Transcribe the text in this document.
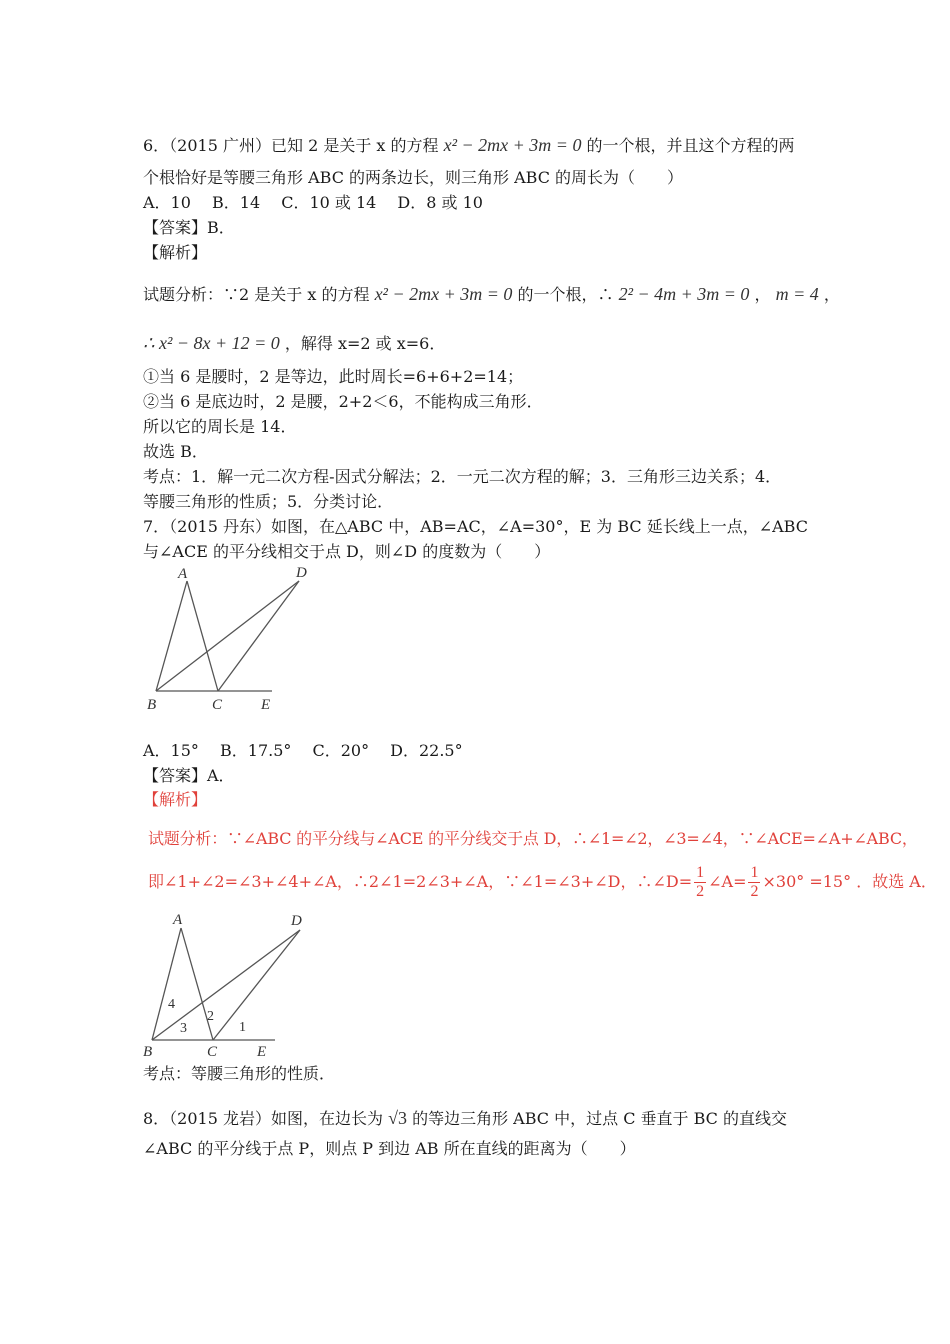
6．（2015 广州）已知 2 是关于 x 的方程 x² − 2mx + 3m = 0 的一个根，并且这个方程的两
个根恰好是等腰三角形 ABC 的两条边长，则三角形 ABC 的周长为（　　）
A．10　 B．14　 C．10 或 14　 D．8 或 10
【答案】B．
【解析】
试题分析：∵2 是关于 x 的方程 x² − 2mx + 3m = 0 的一个根，∴ 2² − 4m + 3m = 0 ， m = 4 ，
∴ x² − 8x + 12 = 0 ，解得 x=2 或 x=6．
①当 6 是腰时，2 是等边，此时周长=6+6+2=14；
②当 6 是底边时，2 是腰，2+2＜6，不能构成三角形．
所以它的周长是 14．
故选 B．
考点：1．解一元二次方程-因式分解法；2．一元二次方程的解；3．三角形三边关系；4．
等腰三角形的性质；5．分类讨论．
7．（2015 丹东）如图，在△ABC 中，AB=AC，∠A=30°，E 为 BC 延长线上一点，∠ABC
与∠ACE 的平分线相交于点 D，则∠D 的度数为（　　）
A	D
B	C	E
A．15°　 B．17.5°　 C．20°　 D．22.5°
【答案】A．
【解析】
试题分析：∵∠ABC 的平分线与∠ACE 的平分线交于点 D，∴∠1=∠2，∠3=∠4，∵∠ACE=∠A+∠ABC，
即∠1+∠2=∠3+∠4+∠A，∴2∠1=2∠3+∠A，∵∠1=∠3+∠D，∴∠D= $\frac{1}{2}$ ∠A= $\frac{1}{2} \times 30^\circ =15^\circ$ ．故选 A．
A	D
B	C	E
1
2
3
4
考点：等腰三角形的性质．
8．（2015 龙岩）如图，在边长为 √3 的等边三角形 ABC 中，过点 C 垂直于 BC 的直线交
∠ABC 的平分线于点 P，则点 P 到边 AB 所在直线的距离为（　　）
